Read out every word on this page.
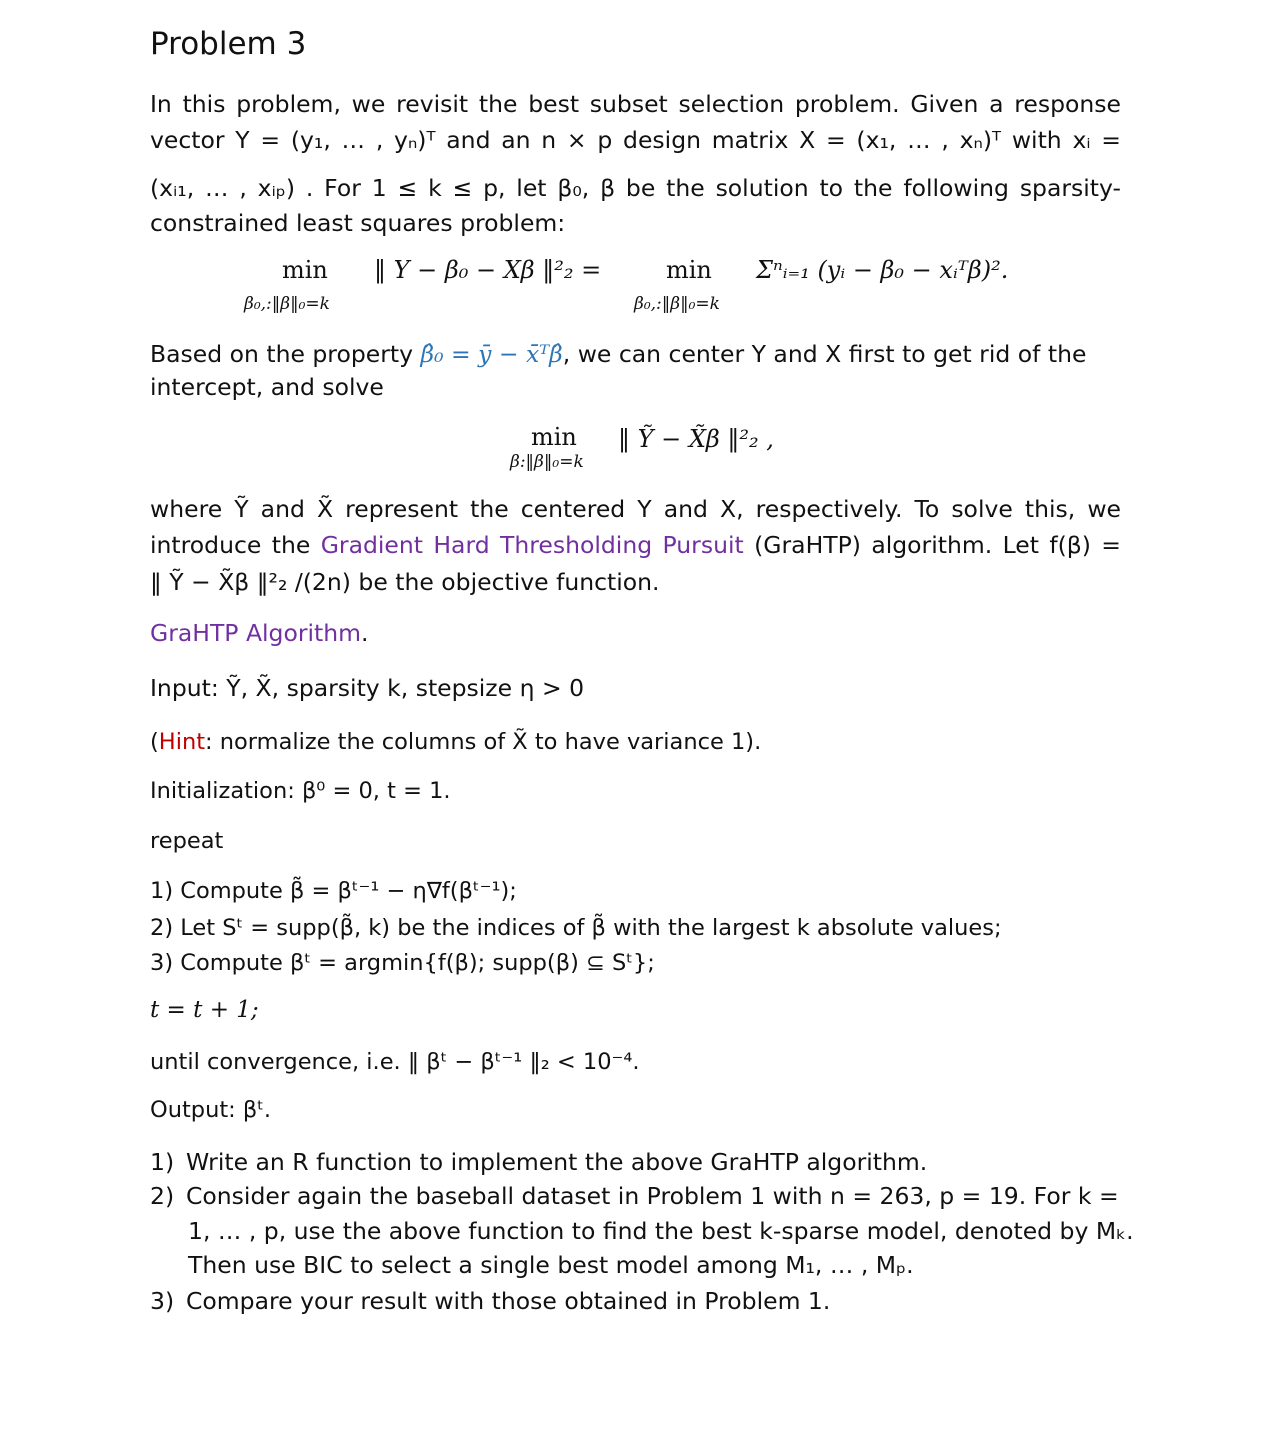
Problem 3
In this problem, we revisit the best subset selection problem. Given a response
vector Y = (y₁, … , yₙ)ᵀ and an n × p design matrix X = (x₁, … , xₙ)ᵀ with xᵢ =
(xᵢ₁, … , xᵢₚ) . For 1 ≤ k ≤ p, let β₀, β be the solution to the following sparsity-
constrained least squares problem:
min
β₀,:‖β‖₀=k
‖ Y − β₀ − Xβ ‖²₂ =	min
β₀,:‖β‖₀=k
Σⁿᵢ₌₁ (yᵢ − β₀ − xᵢᵀβ)².
Based on the property β̂₀ = ȳ − x̄ᵀβ̂, we can center Y and X first to get rid of the
intercept, and solve
min
β:‖β‖₀=k
‖ Ỹ − X̃β ‖²₂ ,
where Ỹ and X̃ represent the centered Y and X, respectively. To solve this, we
introduce the Gradient Hard Thresholding Pursuit (GraHTP) algorithm. Let f(β) =
‖ Ỹ − X̃β ‖²₂ /(2n) be the objective function.
GraHTP Algorithm.
Input: Ỹ, X̃, sparsity k, stepsize η > 0
(Hint: normalize the columns of X̃ to have variance 1).
Initialization: β⁰ = 0, t = 1.
repeat
1) Compute β̃ = βᵗ⁻¹ − η∇f(βᵗ⁻¹);
2) Let Sᵗ = supp(β̃, k) be the indices of β̃ with the largest k absolute values;
3) Compute βᵗ = argmin{f(β); supp(β) ⊆ Sᵗ};
t = t + 1;
until convergence, i.e. ‖ βᵗ − βᵗ⁻¹ ‖₂ < 10⁻⁴.
Output: βᵗ.
1) Write an R function to implement the above GraHTP algorithm.
2) Consider again the baseball dataset in Problem 1 with n = 263, p = 19. For k =
1, … , p, use the above function to find the best k-sparse model, denoted by Mₖ.
Then use BIC to select a single best model among M₁, … , Mₚ.
3) Compare your result with those obtained in Problem 1.
